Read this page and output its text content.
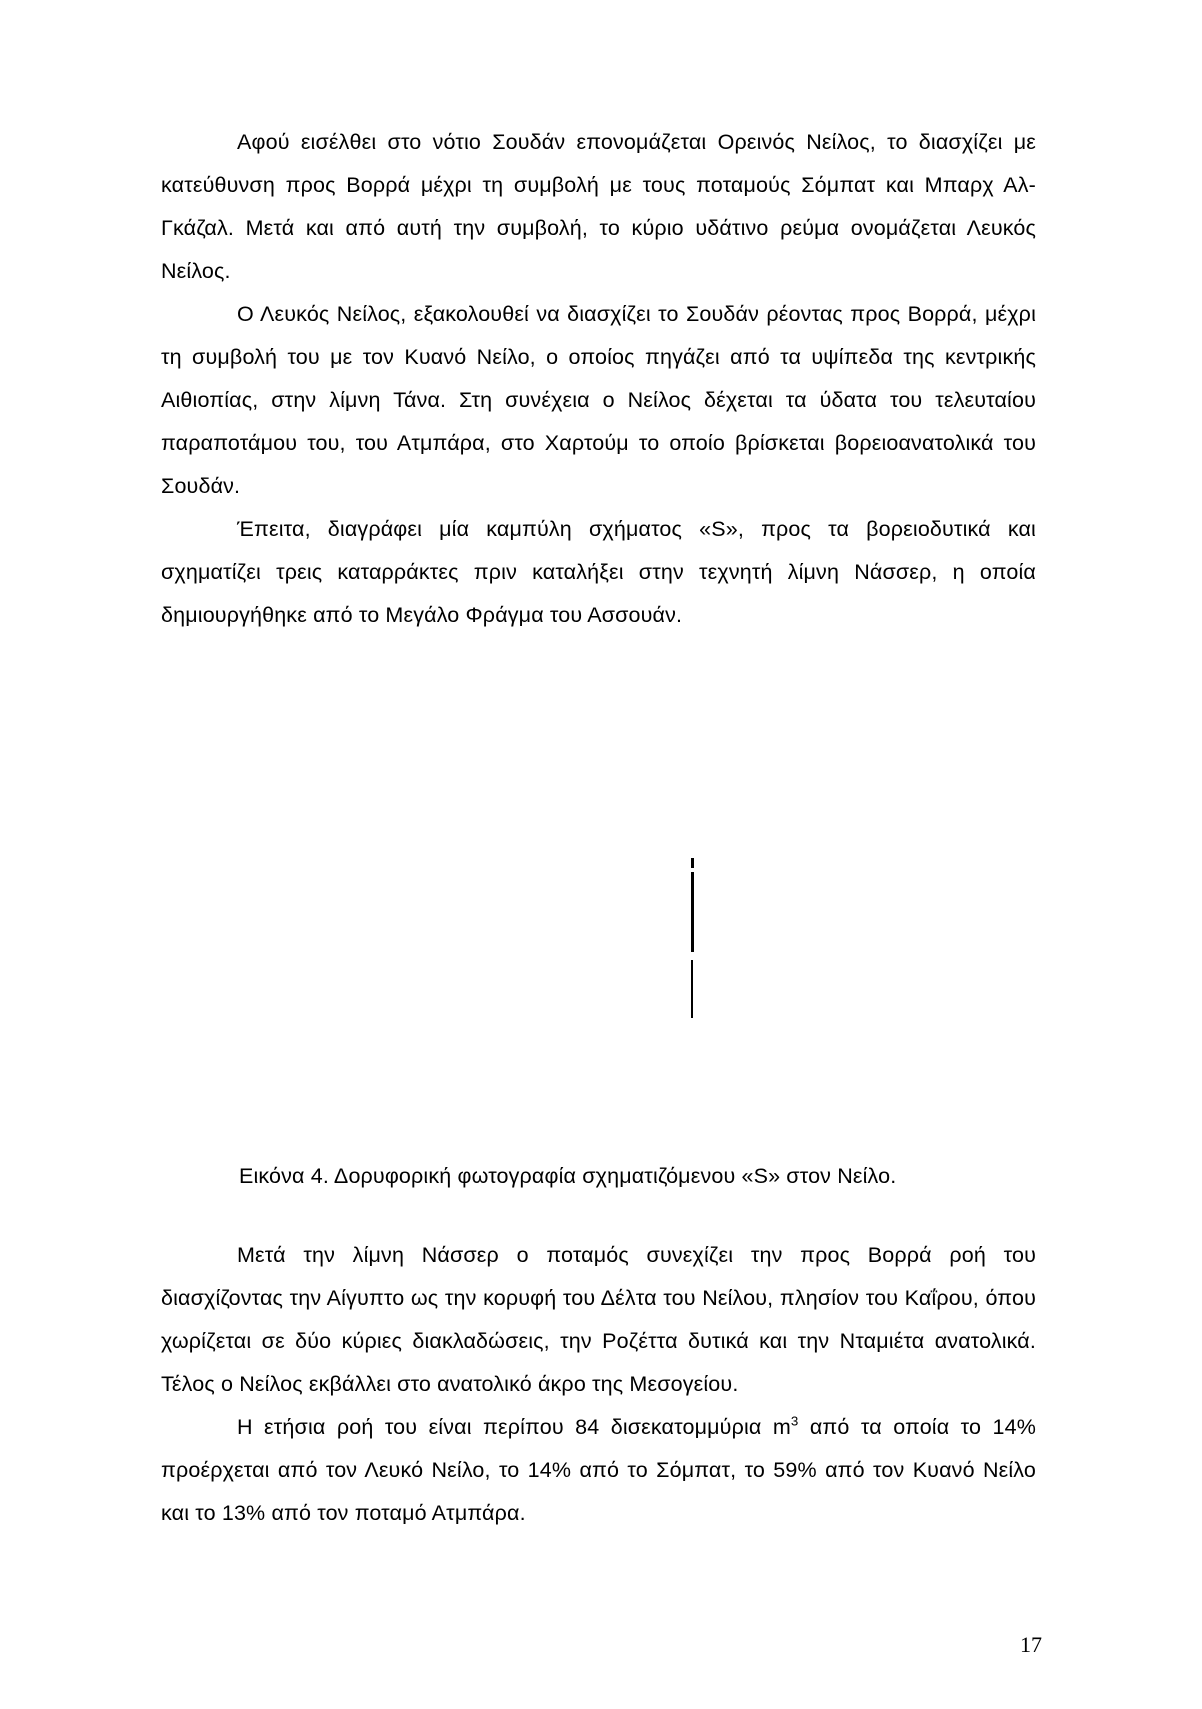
Αφού εισέλθει στο νότιο Σουδάν επονομάζεται Ορεινός Νείλος, το διασχίζει με κατεύθυνση προς Βορρά μέχρι τη συμβολή με τους ποταμούς Σόμπατ και Μπαρχ Αλ-Γκάζαλ. Μετά και από αυτή την συμβολή, το κύριο υδάτινο ρεύμα ονομάζεται Λευκός Νείλος.

Ο Λευκός Νείλος, εξακολουθεί να διασχίζει το Σουδάν ρέοντας προς Βορρά, μέχρι τη συμβολή του με τον Κυανό Νείλο, ο οποίος πηγάζει από τα υψίπεδα της κεντρικής Αιθιοπίας, στην λίμνη Τάνα. Στη συνέχεια ο Νείλος δέχεται τα ύδατα του τελευταίου παραποτάμου του, του Ατμπάρα, στο Χαρτούμ το οποίο βρίσκεται βορειοανατολικά του Σουδάν.

Έπειτα, διαγράφει μία καμπύλη σχήματος «S», προς τα βορειοδυτικά και σχηματίζει τρεις καταρράκτες πριν καταλήξει στην τεχνητή λίμνη Νάσσερ, η οποία δημιουργήθηκε από το Μεγάλο Φράγμα του Ασσουάν.

Εικόνα 4. Δορυφορική φωτογραφία σχηματιζόμενου «S» στον Νείλο.

Μετά την λίμνη Νάσσερ ο ποταμός συνεχίζει την προς Βορρά ροή του διασχίζοντας την Αίγυπτο ως την κορυφή του Δέλτα του Νείλου, πλησίον του Καΐρου, όπου χωρίζεται σε δύο κύριες διακλαδώσεις, την Ροζέττα δυτικά και την Νταμιέτα ανατολικά. Τέλος ο Νείλος εκβάλλει στο ανατολικό άκρο της Μεσογείου.

Η ετήσια ροή του είναι περίπου 84 δισεκατομμύρια $m^3$ από τα οποία το 14% προέρχεται από τον Λευκό Νείλο, το 14% από το Σόμπατ, το 59% από τον Κυανό Νείλο και το 13% από τον ποταμό Ατμπάρα.

17
